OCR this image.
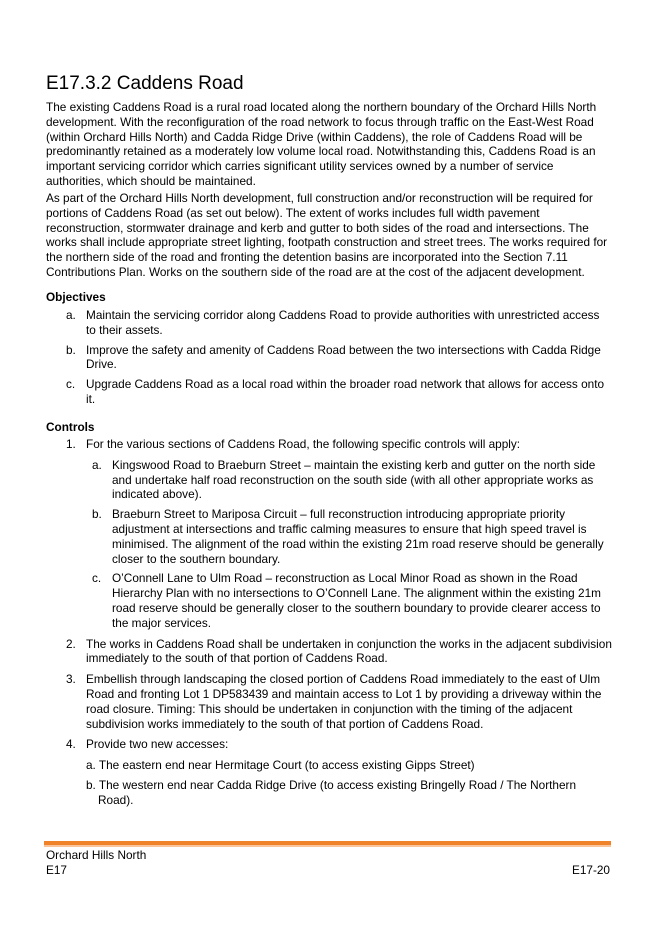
E17.3.2 Caddens Road

The existing Caddens Road is a rural road located along the northern boundary of the Orchard Hills North development. With the reconfiguration of the road network to focus through traffic on the East-West Road (within Orchard Hills North) and Cadda Ridge Drive (within Caddens), the role of Caddens Road will be predominantly retained as a moderately low volume local road. Notwithstanding this, Caddens Road is an important servicing corridor which carries significant utility services owned by a number of service authorities, which should be maintained.

As part of the Orchard Hills North development, full construction and/or reconstruction will be required for portions of Caddens Road (as set out below). The extent of works includes full width pavement reconstruction, stormwater drainage and kerb and gutter to both sides of the road and intersections. The works shall include appropriate street lighting, footpath construction and street trees. The works required for the northern side of the road and fronting the detention basins are incorporated into the Section 7.11 Contributions Plan. Works on the southern side of the road are at the cost of the adjacent development.

Objectives
a. Maintain the servicing corridor along Caddens Road to provide authorities with unrestricted access to their assets.
b. Improve the safety and amenity of Caddens Road between the two intersections with Cadda Ridge Drive.
c. Upgrade Caddens Road as a local road within the broader road network that allows for access onto it.
Controls
1. For the various sections of Caddens Road, the following specific controls will apply:
a. Kingswood Road to Braeburn Street – maintain the existing kerb and gutter on the north side and undertake half road reconstruction on the south side (with all other appropriate works as indicated above).
b. Braeburn Street to Mariposa Circuit – full reconstruction introducing appropriate priority adjustment at intersections and traffic calming measures to ensure that high speed travel is minimised. The alignment of the road within the existing 21m road reserve should be generally closer to the southern boundary.
c. O’Connell Lane to Ulm Road – reconstruction as Local Minor Road as shown in the Road Hierarchy Plan with no intersections to O’Connell Lane. The alignment within the existing 21m road reserve should be generally closer to the southern boundary to provide clearer access to the major services.
2. The works in Caddens Road shall be undertaken in conjunction the works in the adjacent subdivision immediately to the south of that portion of Caddens Road.
3. Embellish through landscaping the closed portion of Caddens Road immediately to the east of Ulm Road and fronting Lot 1 DP583439 and maintain access to Lot 1 by providing a driveway within the road closure. Timing: This should be undertaken in conjunction with the timing of the adjacent subdivision works immediately to the south of that portion of Caddens Road.
4. Provide two new accesses:

a. The eastern end near Hermitage Court (to access existing Gipps Street)

b. The western end near Cadda Ridge Drive (to access existing Bringelly Road / The Northern Road).

Orchard Hills North

E17	E17-20
